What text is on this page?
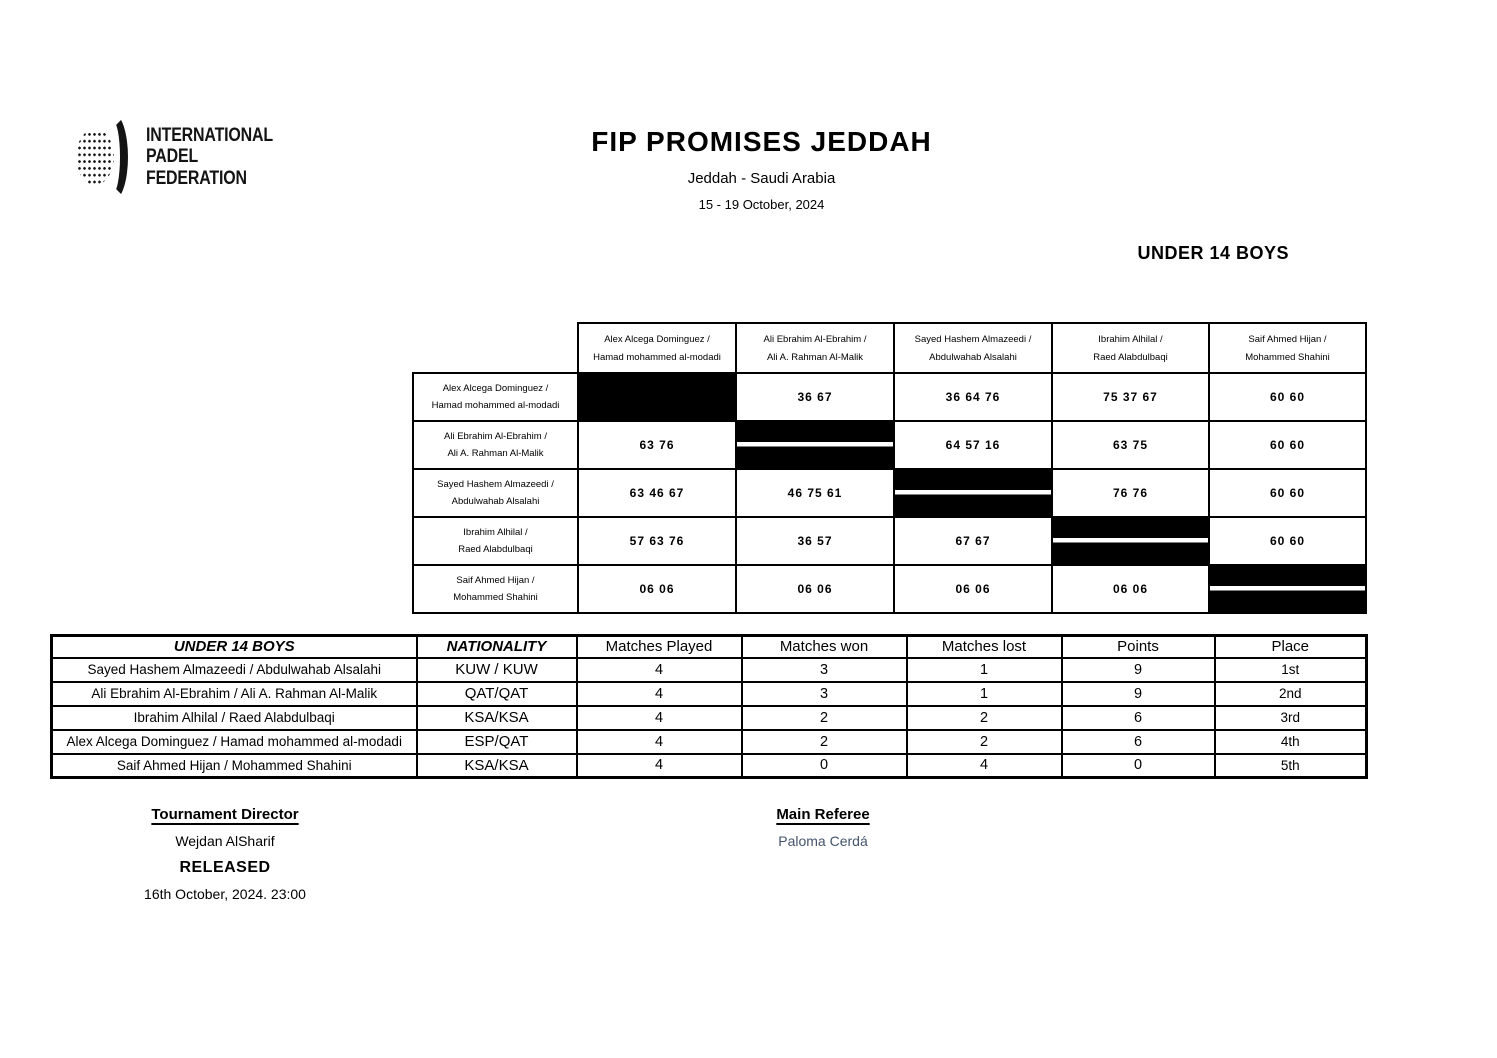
INTERNATIONAL
PADEL
FEDERATION
FIP PROMISES JEDDAH
Jeddah - Saudi Arabia
15 - 19 October, 2024
UNDER 14 BOYS

Alex Alcega Dominguez /
Hamad mohammed al-modadi

Ali Ebrahim Al-Ebrahim /
Ali A. Rahman Al-Malik

Sayed Hashem Almazeedi /
Abdulwahab Alsalahi

Ibrahim Alhilal /
Raed Alabdulbaqi

Saif Ahmed Hijan /
Mohammed Shahini

Alex Alcega Dominguez /
Hamad mohammed al-modadi		36 67	36 64 76	75 37 67	60 60

Ali Ebrahim Al-Ebrahim /
Ali A. Rahman Al-Malik	63 76		64 57 16	63 75	60 60

Sayed Hashem Almazeedi /
Abdulwahab Alsalahi	63 46 67	46 75 61		76 76	60 60

Ibrahim Alhilal /
Raed Alabdulbaqi	57 63 76	36 57	67 67		60 60

Saif Ahmed Hijan /
Mohammed Shahini	06 06	06 06	06 06	06 06	
UNDER 14 BOYS	NATIONALITY	Matches Played	Matches won	Matches lost	Points	Place
Sayed Hashem Almazeedi / Abdulwahab Alsalahi	KUW / KUW	4	3	1	9	1st
Ali Ebrahim Al-Ebrahim / Ali A. Rahman Al-Malik	QAT/QAT	4	3	1	9	2nd
Ibrahim Alhilal / Raed Alabdulbaqi	KSA/KSA	4	2	2	6	3rd
Alex Alcega Dominguez / Hamad mohammed al-modadi	ESP/QAT	4	2	2	6	4th
Saif Ahmed Hijan / Mohammed Shahini	KSA/KSA	4	0	4	0	5th
Tournament Director
Wejdan AlSharif
RELEASED
16th October, 2024. 23:00
Main Referee
Paloma Cerdá
